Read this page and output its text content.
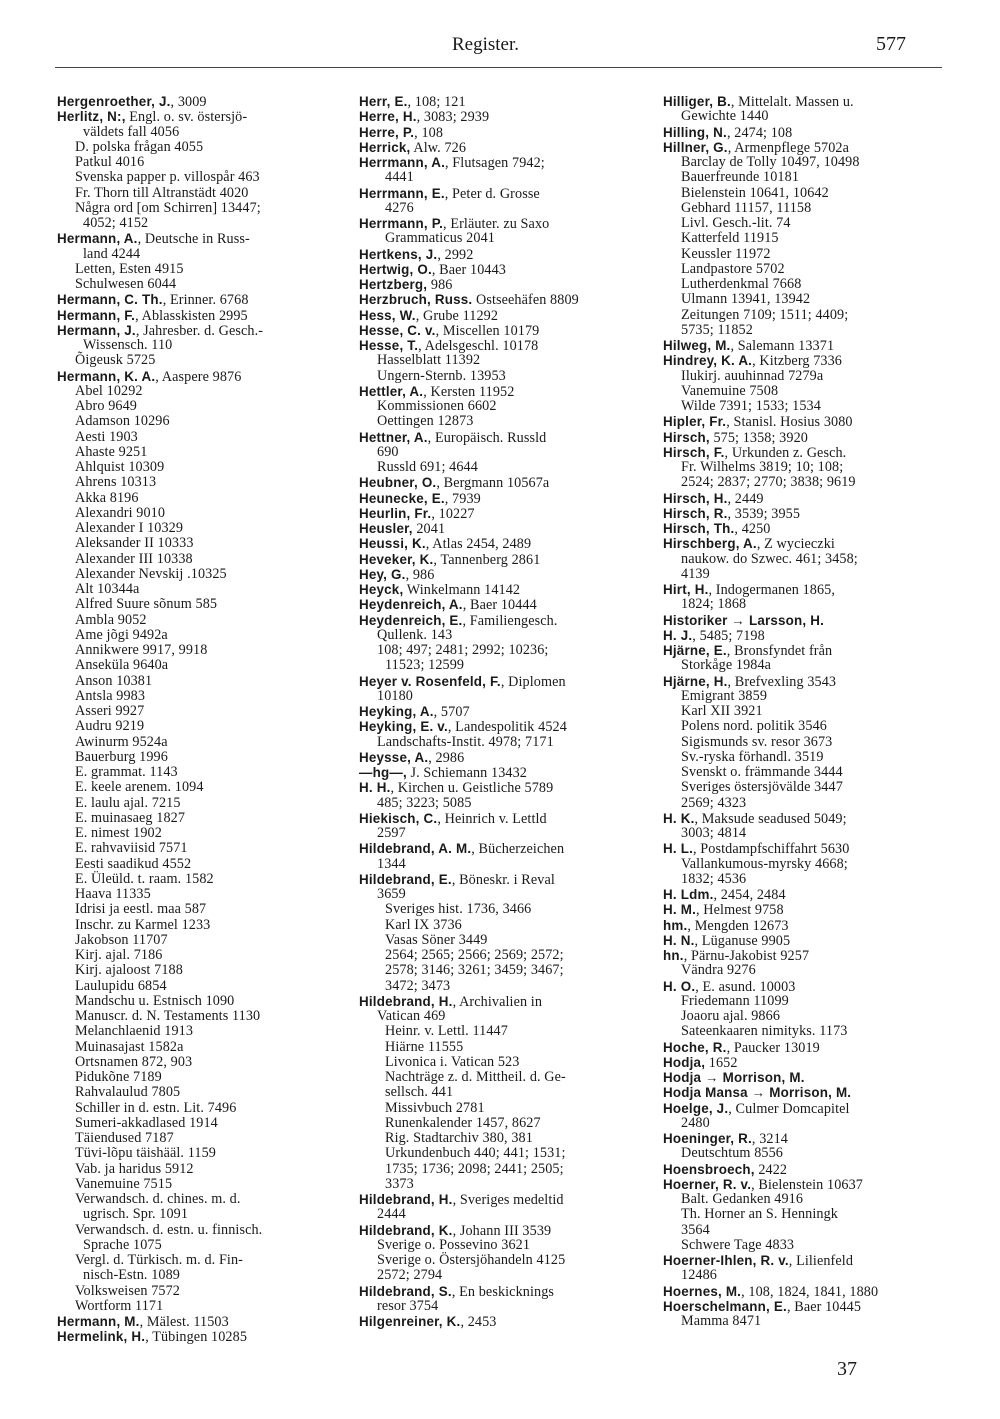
Register.	577
Hergenroether, J., 3009
Herlitz, N:, Engl. o. sv. östersjö-
väldets fall 4056
D. polska frågan 4055
Patkul 4016
Svenska papper p. villospår 463
Fr. Thorn till Altranstädt 4020
Några ord [om Schirren] 13447;
4052; 4152
Hermann, A., Deutsche in Russ-
land 4244
Letten, Esten 4915
Schulwesen 6044
Hermann, C. Th., Erinner. 6768
Hermann, F., Ablasskisten 2995
Hermann, J., Jahresber. d. Gesch.-
Wissensch. 110
Õigeusk 5725
Hermann, K. A., Aaspere 9876
Abel 10292
Abro 9649
Adamson 10296
Aesti 1903
Ahaste 9251
Ahlquist 10309
Ahrens 10313
Akka 8196
Alexandri 9010
Alexander I 10329
Aleksander II 10333
Alexander III 10338
Alexander Nevskij .10325
Alt 10344a
Alfred Suure sõnum 585
Ambla 9052
Ame jõgi 9492a
Annikwere 9917, 9918
Anseküla 9640a
Anson 10381
Antsla 9983
Asseri 9927
Audru 9219
Awinurm 9524a
Bauerburg 1996
E. grammat. 1143
E. keele arenem. 1094
E. laulu ajal. 7215
E. muinasaeg 1827
E. nimest 1902
E. rahvaviisid 7571
Eesti saadikud 4552
E. Üleüld. t. raam. 1582
Haava 11335
Idrisi ja eestl. maa 587
Inschr. zu Karmel 1233
Jakobson 11707
Kirj. ajal. 7186
Kirj. ajaloost 7188
Laulupidu 6854
Mandschu u. Estnisch 1090
Manuscr. d. N. Testaments 1130
Melanchlaenid 1913
Muinasajast 1582a
Ortsnamen 872, 903
Pidukõne 7189
Rahvalaulud 7805
Schiller in d. estn. Lit. 7496
Sumeri-akkadlased 1914
Täiendused 7187
Tüvi-lõpu täishääl. 1159
Vab. ja haridus 5912
Vanemuine 7515
Verwandsch. d. chines. m. d.
ugrisch. Spr. 1091
Verwandsch. d. estn. u. finnisch.
Sprache 1075
Vergl. d. Türkisch. m. d. Fin-
nisch-Estn. 1089
Volksweisen 7572
Wortform 1171
Hermann, M., Mälest. 11503
Hermelink, H., Tübingen 10285
Herr, E., 108; 121
Herre, H., 3083; 2939
Herre, P., 108
Herrick, Alw. 726
Herrmann, A., Flutsagen 7942;
4441
Herrmann, E., Peter d. Grosse
4276
Herrmann, P., Erläuter. zu Saxo
Grammaticus 2041
Hertkens, J., 2992
Hertwig, O., Baer 10443
Hertzberg, 986
Herzbruch, Russ. Ostseehäfen 8809
Hess, W., Grube 11292
Hesse, C. v., Miscellen 10179
Hesse, T., Adelsgeschl. 10178
Hasselblatt 11392
Ungern-Sternb. 13953
Hettler, A., Kersten 11952
Kommissionen 6602
Oettingen 12873
Hettner, A., Europäisch. Russld
690
Russld 691; 4644
Heubner, O., Bergmann 10567a
Heunecke, E., 7939
Heurlin, Fr., 10227
Heusler, 2041
Heussi, K., Atlas 2454, 2489
Heveker, K., Tannenberg 2861
Hey, G., 986
Heyck, Winkelmann 14142
Heydenreich, A., Baer 10444
Heydenreich, E., Familiengesch.
Qullenk. 143
108; 497; 2481; 2992; 10236;
11523; 12599
Heyer v. Rosenfeld, F., Diplomen
10180
Heyking, A., 5707
Heyking, E. v., Landespolitik 4524
Landschafts-Instit. 4978; 7171
Heysse, A., 2986
—hg—, J. Schiemann 13432
H. H., Kirchen u. Geistliche 5789
485; 3223; 5085
Hiekisch, C., Heinrich v. Lettld
2597
Hildebrand, A. M., Bücherzeichen
1344
Hildebrand, E., Böneskr. i Reval
3659
Sveriges hist. 1736, 3466
Karl IX 3736
Vasas Söner 3449
2564; 2565; 2566; 2569; 2572;
2578; 3146; 3261; 3459; 3467;
3472; 3473
Hildebrand, H., Archivalien in
Vatican 469
Heinr. v. Lettl. 11447
Hiärne 11555
Livonica i. Vatican 523
Nachträge z. d. Mittheil. d. Ge-
sellsch. 441
Missivbuch 2781
Runenkalender 1457, 8627
Rig. Stadtarchiv 380, 381
Urkundenbuch 440; 441; 1531;
1735; 1736; 2098; 2441; 2505;
3373
Hildebrand, H., Sveriges medeltid
2444
Hildebrand, K., Johann III 3539
Sverige o. Possevino 3621
Sverige o. Östersjöhandeln 4125
2572; 2794
Hildebrand, S., En beskicknings
resor 3754
Hilgenreiner, K., 2453
Hilliger, B., Mittelalt. Massen u.
Gewichte 1440
Hilling, N., 2474; 108
Hillner, G., Armenpflege 5702a
Barclay de Tolly 10497, 10498
Bauerfreunde 10181
Bielenstein 10641, 10642
Gebhard 11157, 11158
Livl. Gesch.-lit. 74
Katterfeld 11915
Keussler 11972
Landpastore 5702
Lutherdenkmal 7668
Ulmann 13941, 13942
Zeitungen 7109; 1511; 4409;
5735; 11852
Hilweg, M., Salemann 13371
Hindrey, K. A., Kitzberg 7336
Ilukirj. auuhinnad 7279a
Vanemuine 7508
Wilde 7391; 1533; 1534
Hipler, Fr., Stanisl. Hosius 3080
Hirsch, 575; 1358; 3920
Hirsch, F., Urkunden z. Gesch.
Fr. Wilhelms 3819; 10; 108;
2524; 2837; 2770; 3838; 9619
Hirsch, H., 2449
Hirsch, R., 3539; 3955
Hirsch, Th., 4250
Hirschberg, A., Z wycieczki
naukow. do Szwec. 461; 3458;
4139
Hirt, H., Indogermanen 1865,
1824; 1868
Historiker → Larsson, H.
H. J., 5485; 7198
Hjärne, E., Bronsfyndet från
Storkåge 1984a
Hjärne, H., Brefvexling 3543
Emigrant 3859
Karl XII 3921
Polens nord. politik 3546
Sigismunds sv. resor 3673
Sv.-ryska förhandl. 3519
Svenskt o. främmande 3444
Sveriges östersjövälde 3447
2569; 4323
H. K., Maksude seadused 5049;
3003; 4814
H. L., Postdampfschiffahrt 5630
Vallankumous-myrsky 4668;
1832; 4536
H. Ldm., 2454, 2484
H. M., Helmest 9758
hm., Mengden 12673
H. N., Lüganuse 9905
hn., Pärnu-Jakobist 9257
Vändra 9276
H. O., E. asund. 10003
Friedemann 11099
Joaoru ajal. 9866
Sateenkaaren nimityks. 1173
Hoche, R., Paucker 13019
Hodja, 1652
Hodja → Morrison, M.
Hodja Mansa → Morrison, M.
Hoelge, J., Culmer Domcapitel
2480
Hoeninger, R., 3214
Deutschtum 8556
Hoensbroech, 2422
Hoerner, R. v., Bielenstein 10637
Balt. Gedanken 4916
Th. Horner an S. Henningk
3564
Schwere Tage 4833
Hoerner-Ihlen, R. v., Lilienfeld
12486
Hoernes, M., 108, 1824, 1841, 1880
Hoerschelmann, E., Baer 10445
Mamma 8471
37
